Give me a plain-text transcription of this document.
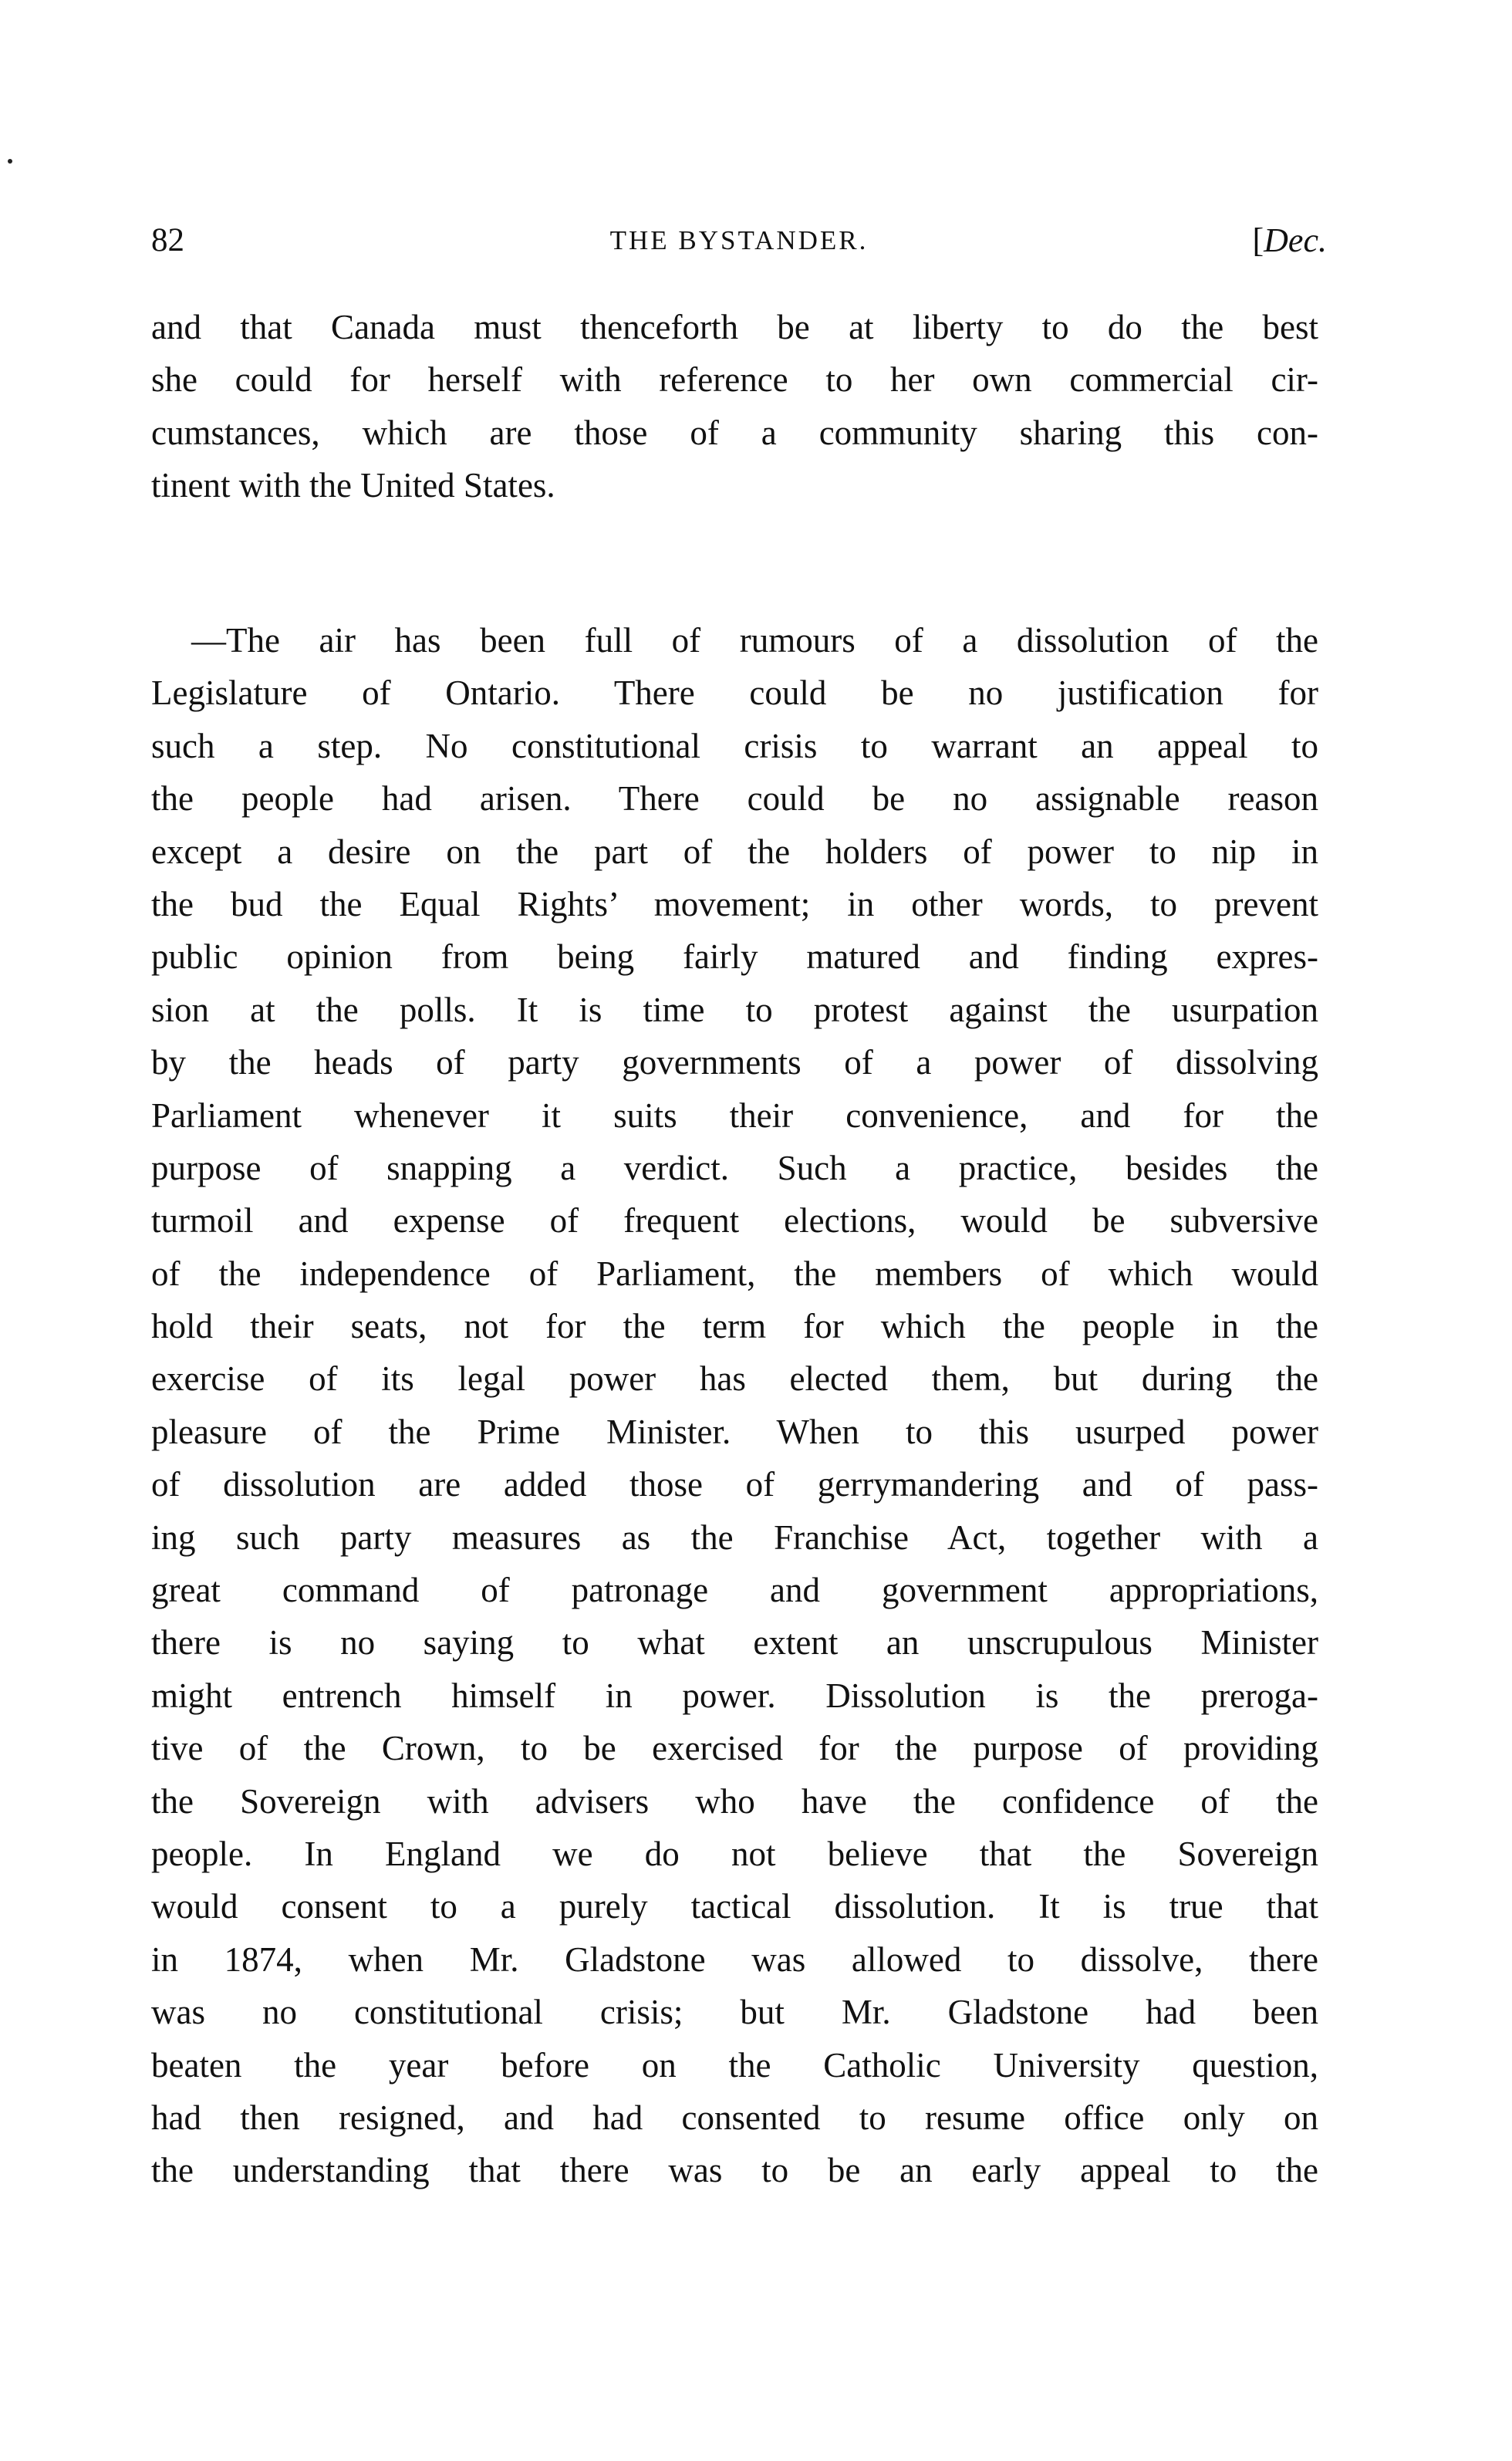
82	THE BYSTANDER.	[Dec.
and that Canada must thenceforth be at liberty to do the best
she could for herself with reference to her own commercial cir-
cumstances, which are those of a community sharing this con-
tinent with the United States.
—The air has been full of rumours of a dissolution of the
Legislature of Ontario. There could be no justification for
such a step. No constitutional crisis to warrant an appeal to
the people had arisen. There could be no assignable reason
except a desire on the part of the holders of power to nip in
the bud the Equal Rights’ movement; in other words, to prevent
public opinion from being fairly matured and finding expres-
sion at the polls. It is time to protest against the usurpation
by the heads of party governments of a power of dissolving
Parliament whenever it suits their convenience, and for the
purpose of snapping a verdict. Such a practice, besides the
turmoil and expense of frequent elections, would be subversive
of the independence of Parliament, the members of which would
hold their seats, not for the term for which the people in the
exercise of its legal power has elected them, but during the
pleasure of the Prime Minister. When to this usurped power
of dissolution are added those of gerrymandering and of pass-
ing such party measures as the Franchise Act, together with a
great command of patronage and government appropriations,
there is no saying to what extent an unscrupulous Minister
might entrench himself in power. Dissolution is the preroga-
tive of the Crown, to be exercised for the purpose of providing
the Sovereign with advisers who have the confidence of the
people. In England we do not believe that the Sovereign
would consent to a purely tactical dissolution. It is true that
in 1874, when Mr. Gladstone was allowed to dissolve, there
was no constitutional crisis; but Mr. Gladstone had been
beaten the year before on the Catholic University question,
had then resigned, and had consented to resume office only on
the understanding that there was to be an early appeal to the
